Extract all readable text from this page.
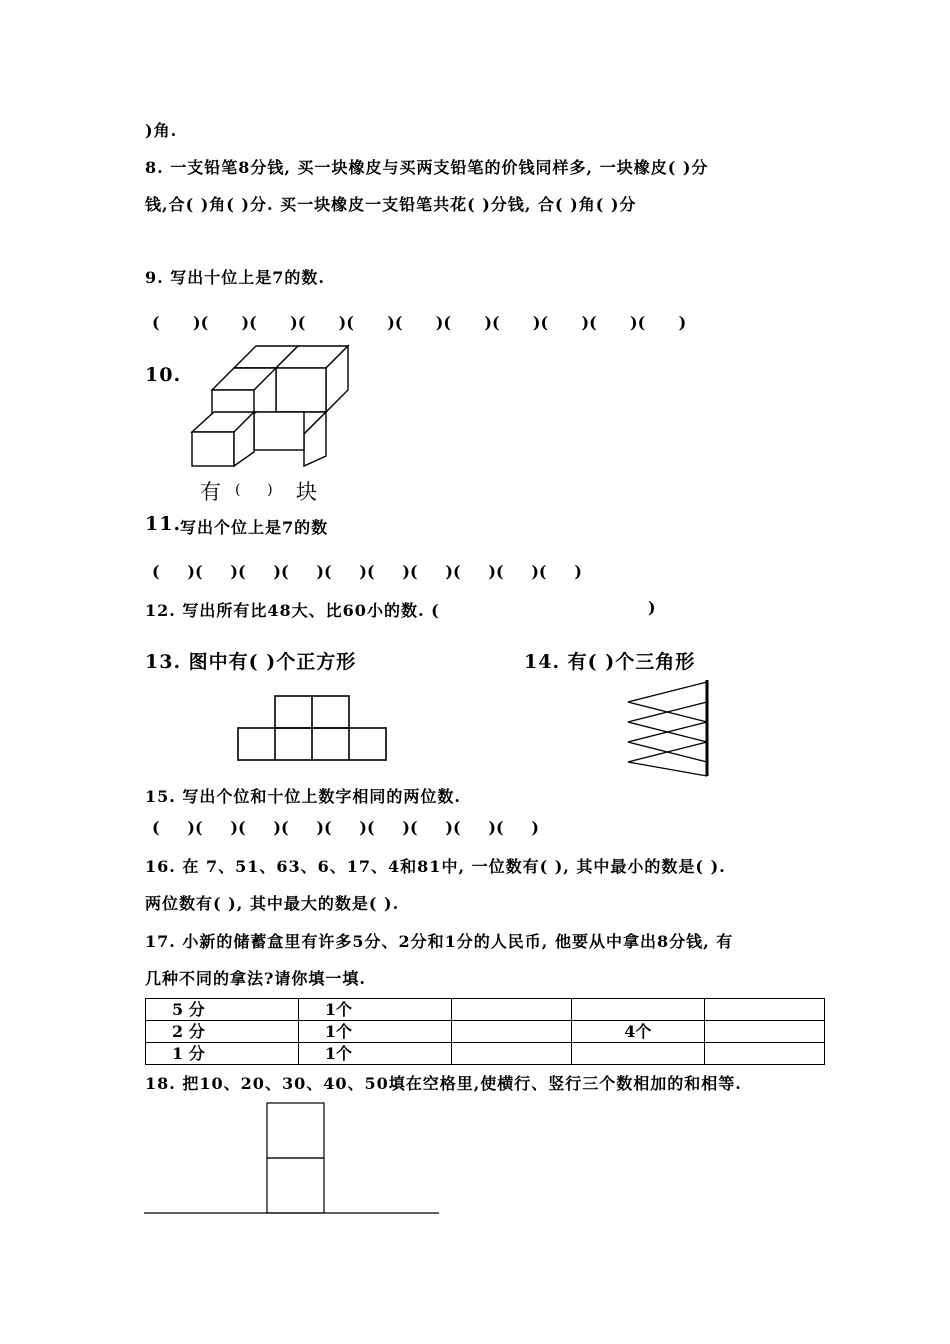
)角.
8. 一支铅笔8分钱, 买一块橡皮与买两支铅笔的价钱同样多, 一块橡皮( )分
钱,合( )角( )分. 买一块橡皮一支铅笔共花( )分钱, 合( )角( )分
9. 写出十位上是7的数.
(      )(      )(      )(      )(      )(      )(      )(      )(      )(      )(      )
10.
有 (      ) 块
11.
写出个位上是7的数
(     )(     )(     )(     )(     )(     )(     )(     )(     )(     )
12. 写出所有比48大、比60小的数. (	)
13. 图中有( )个正方形	14. 有( )个三角形
15. 写出个位和十位上数字相同的两位数.
(     )(     )(     )(     )(     )(     )(     )(     )(     )
16. 在 7、51、63、6、17、4和81中, 一位数有( ), 其中最小的数是( ).
两位数有( ), 其中最大的数是( ).
17. 小新的储蓄盒里有许多5分、2分和1分的人民币, 他要从中拿出8分钱, 有
几种不同的拿法?请你填一填.
5 分	1个			
2 分	1个		4个	
1 分	1个			
18. 把10、20、30、40、50填在空格里,使横行、竖行三个数相加的和相等.
